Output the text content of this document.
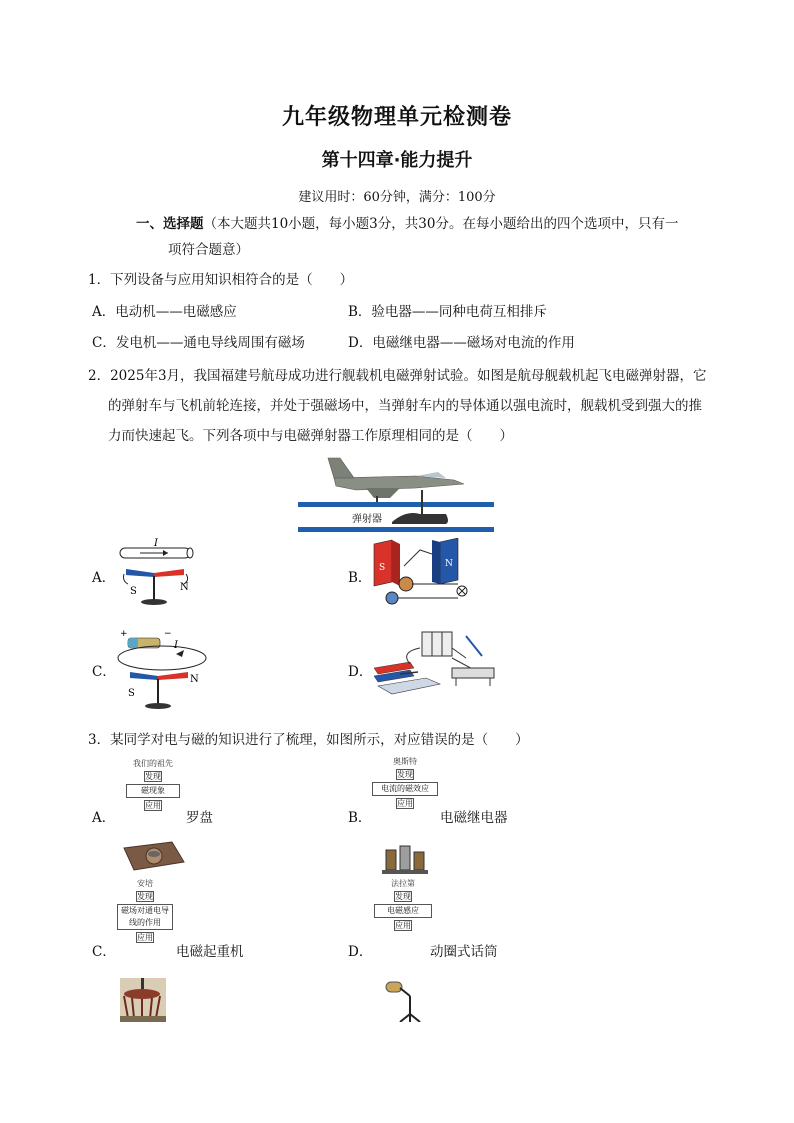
九年级物理单元检测卷
第十四章·能力提升
建议用时：60分钟，满分：100分
一、选择题（本大题共10小题，每小题3分，共30分。在每小题给出的四个选项中，只有一
项符合题意）
1．下列设备与应用知识相符合的是（　　）
A．电动机——电磁感应	B．验电器——同种电荷互相排斥
C．发电机——通电导线周围有磁场	D．电磁继电器——磁场对电流的作用
2．2025年3月，我国福建号航母成功进行舰载机电磁弹射试验。如图是航母舰载机起飞电磁弹射器，它
的弹射车与飞机前轮连接，并处于强磁场中，当弹射车内的导体通以强电流时，舰载机受到强大的推
力而快速起飞。下列各项中与电磁弹射器工作原理相同的是（　　）
弹射器
A．
I
S	N
B．
S	N
C．
+	−
I
S
N	D．
3．某同学对电与磁的知识进行了梳理，如图所示，对应错误的是（　　）
我们的祖先
发现
磁现象
应用
A．	罗盘
奥斯特
发现
电流的磁效应
应用
B．	电磁继电器
安培
发现
磁场对通电导线的作用
应用
C．	电磁起重机
法拉第
发现
电磁感应
应用
D．	动圈式话筒
